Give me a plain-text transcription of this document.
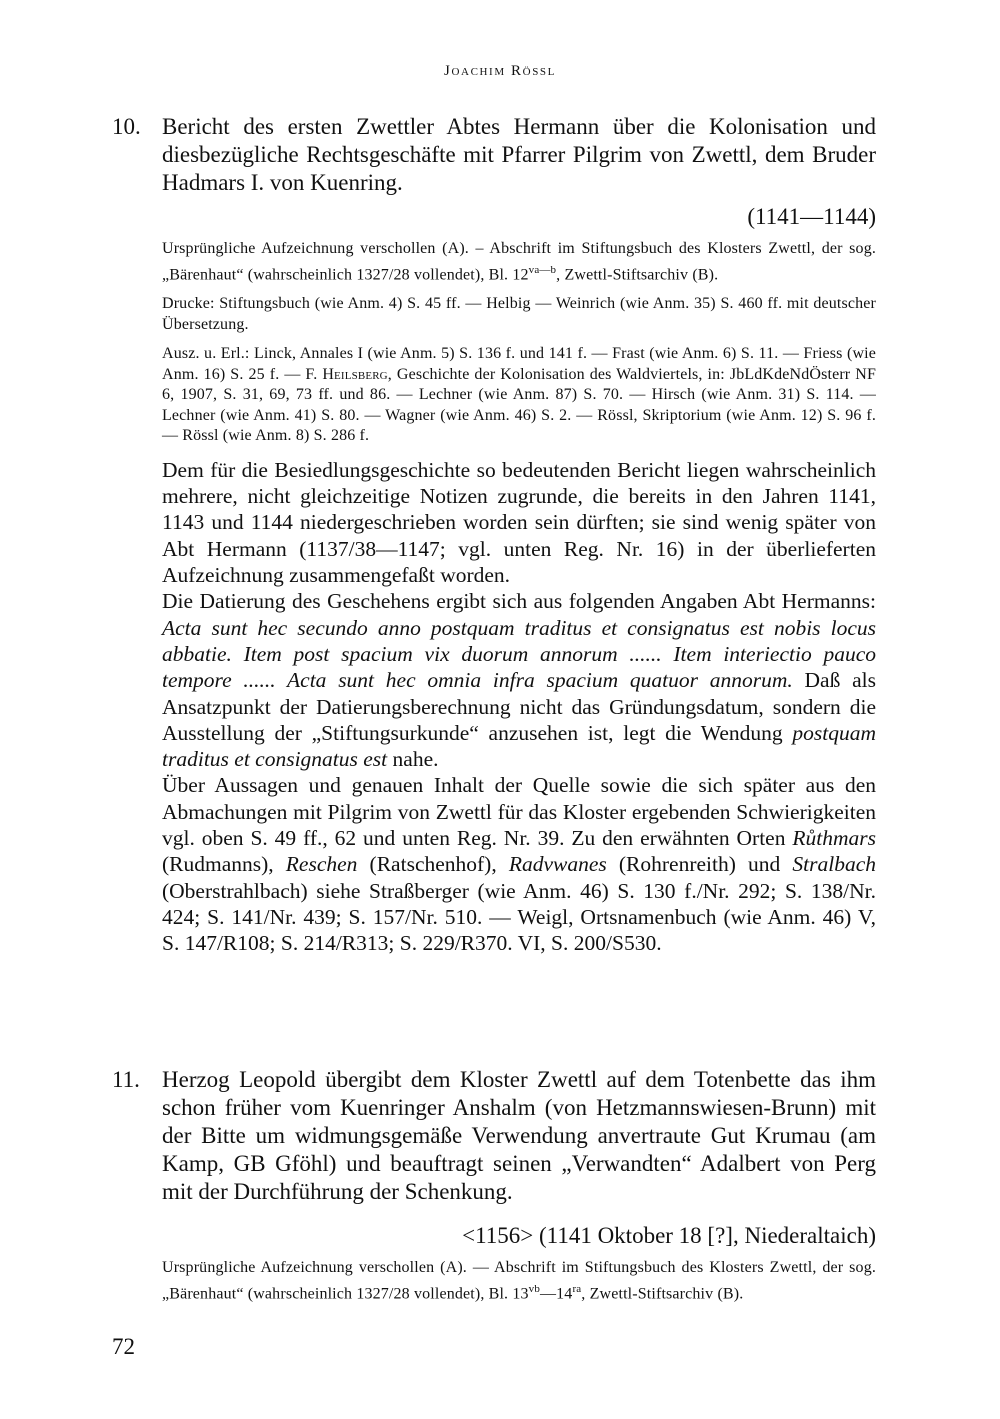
Joachim Rössl
10. Bericht des ersten Zwettler Abtes Hermann über die Kolonisation und diesbezügliche Rechtsgeschäfte mit Pfarrer Pilgrim von Zwettl, dem Bruder Hadmars I. von Kuenring.
(1141—1144)
Ursprüngliche Aufzeichnung verschollen (A). – Abschrift im Stiftungsbuch des Klosters Zwettl, der sog. „Bärenhaut“ (wahrscheinlich 1327/28 vollendet), Bl. $12^{va—b}$, Zwettl-Stiftsarchiv (B).
Drucke: Stiftungsbuch (wie Anm. 4) S. 45 ff. — Helbig — Weinrich (wie Anm. 35) S. 460 ff. mit deutscher Übersetzung.
Ausz. u. Erl.: Linck, Annales I (wie Anm. 5) S. 136 f. und 141 f. — Frast (wie Anm. 6) S. 11. — Friess (wie Anm. 16) S. 25 f. — F. Heilsberg, Geschichte der Kolonisation des Waldviertels, in: JbLdKdeNdÖsterr NF 6, 1907, S. 31, 69, 73 ff. und 86. — Lechner (wie Anm. 87) S. 70. — Hirsch (wie Anm. 31) S. 114. — Lechner (wie Anm. 41) S. 80. — Wagner (wie Anm. 46) S. 2. — Rössl, Skriptorium (wie Anm. 12) S. 96 f. — Rössl (wie Anm. 8) S. 286 f.

Dem für die Besiedlungsgeschichte so bedeutenden Bericht liegen wahrscheinlich mehrere, nicht gleichzeitige Notizen zugrunde, die bereits in den Jahren 1141, 1143 und 1144 niedergeschrieben worden sein dürften; sie sind wenig später von Abt Hermann (1137/38—1147; vgl. unten Reg. Nr. 16) in der überlieferten Aufzeichnung zusammengefaßt worden.

Die Datierung des Geschehens ergibt sich aus folgenden Angaben Abt Hermanns: Acta sunt hec secundo anno postquam traditus et consignatus est nobis locus abbatie. Item post spacium vix duorum annorum ...... Item interiectio pauco tempore ...... Acta sunt hec omnia infra spacium quatuor annorum. Daß als Ansatzpunkt der Datierungsberechnung nicht das Gründungsdatum, sondern die Ausstellung der „Stiftungsurkunde“ anzusehen ist, legt die Wendung postquam traditus et consignatus est nahe.

Über Aussagen und genauen Inhalt der Quelle sowie die sich später aus den Abmachungen mit Pilgrim von Zwettl für das Kloster ergebenden Schwierigkeiten vgl. oben S. 49 ff., 62 und unten Reg. Nr. 39. Zu den erwähnten Orten Růthmars (Rudmanns), Reschen (Ratschenhof), Radvwanes (Rohrenreith) und Stralbach (Oberstrahlbach) siehe Straßberger (wie Anm. 46) S. 130 f./Nr. 292; S. 138/Nr. 424; S. 141/Nr. 439; S. 157/Nr. 510. — Weigl, Ortsnamenbuch (wie Anm. 46) V, S. 147/R108; S. 214/R313; S. 229/R370. VI, S. 200/S530.

11. Herzog Leopold übergibt dem Kloster Zwettl auf dem Totenbette das ihm schon früher vom Kuenringer Anshalm (von Hetzmannswiesen-Brunn) mit der Bitte um widmungsgemäße Verwendung anvertraute Gut Krumau (am Kamp, GB Gföhl) und beauftragt seinen „Verwandten“ Adalbert von Perg mit der Durchführung der Schenkung.
<1156> (1141 Oktober 18 [?], Niederaltaich)
Ursprüngliche Aufzeichnung verschollen (A). — Abschrift im Stiftungsbuch des Klosters Zwettl, der sog. „Bärenhaut“ (wahrscheinlich 1327/28 vollendet), Bl. $13^{vb}—14^{ra}$, Zwettl-Stiftsarchiv (B).
72
